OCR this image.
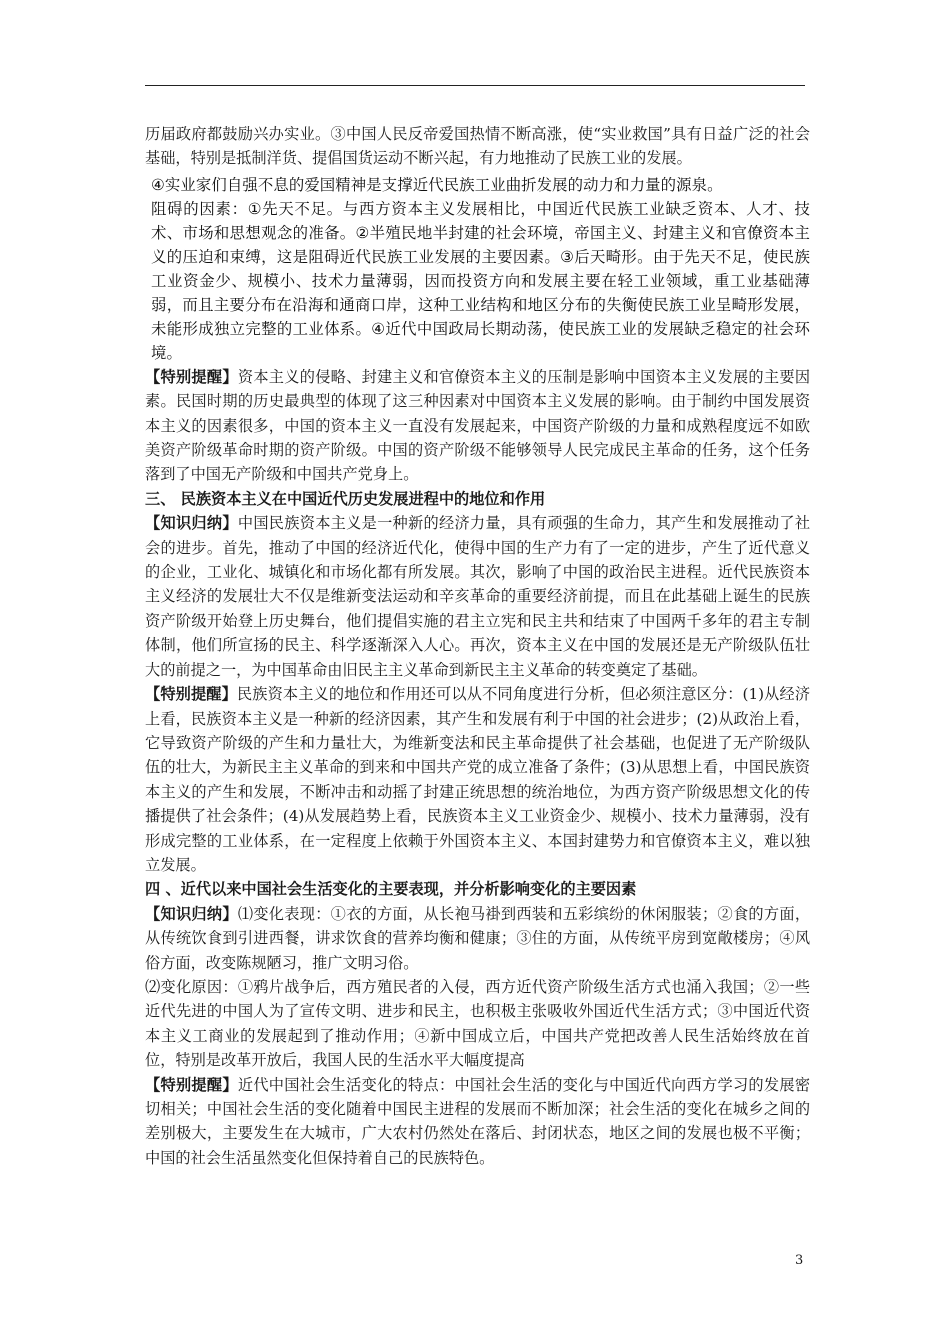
历届政府都鼓励兴办实业。③中国人民反帝爱国热情不断高涨，使“实业救国”具有日益广泛的社会基础，特别是抵制洋货、提倡国货运动不断兴起，有力地推动了民族工业的发展。

④实业家们自强不息的爱国精神是支撑近代民族工业曲折发展的动力和力量的源泉。

阻碍的因素：①先天不足。与西方资本主义发展相比，中国近代民族工业缺乏资本、人才、技术、市场和思想观念的准备。②半殖民地半封建的社会环境，帝国主义、封建主义和官僚资本主义的压迫和束缚，这是阻碍近代民族工业发展的主要因素。③后天畸形。由于先天不足，使民族工业资金少、规模小、技术力量薄弱，因而投资方向和发展主要在轻工业领域，重工业基础薄弱，而且主要分布在沿海和通商口岸，这种工业结构和地区分布的失衡使民族工业呈畸形发展，未能形成独立完整的工业体系。④近代中国政局长期动荡，使民族工业的发展缺乏稳定的社会环境。

【特别提醒】资本主义的侵略、封建主义和官僚资本主义的压制是影响中国资本主义发展的主要因素。民国时期的历史最典型的体现了这三种因素对中国资本主义发展的影响。由于制约中国发展资本主义的因素很多，中国的资本主义一直没有发展起来，中国资产阶级的力量和成熟程度远不如欧美资产阶级革命时期的资产阶级。中国的资产阶级不能够领导人民完成民主革命的任务，这个任务落到了中国无产阶级和中国共产党身上。

三、 民族资本主义在中国近代历史发展进程中的地位和作用

【知识归纳】中国民族资本主义是一种新的经济力量，具有顽强的生命力，其产生和发展推动了社会的进步。首先，推动了中国的经济近代化，使得中国的生产力有了一定的进步，产生了近代意义的企业，工业化、城镇化和市场化都有所发展。其次，影响了中国的政治民主进程。近代民族资本主义经济的发展壮大不仅是维新变法运动和辛亥革命的重要经济前提，而且在此基础上诞生的民族资产阶级开始登上历史舞台，他们提倡实施的君主立宪和民主共和结束了中国两千多年的君主专制体制，他们所宣扬的民主、科学逐渐深入人心。再次，资本主义在中国的发展还是无产阶级队伍壮大的前提之一，为中国革命由旧民主主义革命到新民主主义革命的转变奠定了基础。

【特别提醒】民族资本主义的地位和作用还可以从不同角度进行分析，但必须注意区分：(1)从经济上看，民族资本主义是一种新的经济因素，其产生和发展有利于中国的社会进步；(2)从政治上看，它导致资产阶级的产生和力量壮大，为维新变法和民主革命提供了社会基础，也促进了无产阶级队伍的壮大，为新民主主义革命的到来和中国共产党的成立准备了条件；(3)从思想上看，中国民族资本主义的产生和发展，不断冲击和动摇了封建正统思想的统治地位，为西方资产阶级思想文化的传播提供了社会条件；(4)从发展趋势上看，民族资本主义工业资金少、规模小、技术力量薄弱，没有形成完整的工业体系，在一定程度上依赖于外国资本主义、本国封建势力和官僚资本主义，难以独立发展。

四 、近代以来中国社会生活变化的主要表现，并分析影响变化的主要因素

【知识归纳】⑴变化表现：①衣的方面，从长袍马褂到西装和五彩缤纷的休闲服装；②食的方面，从传统饮食到引进西餐，讲求饮食的营养均衡和健康；③住的方面，从传统平房到宽敞楼房；④风俗方面，改变陈规陋习，推广文明习俗。

⑵变化原因：①鸦片战争后，西方殖民者的入侵，西方近代资产阶级生活方式也涌入我国；②一些近代先进的中国人为了宣传文明、进步和民主，也积极主张吸收外国近代生活方式；③中国近代资本主义工商业的发展起到了推动作用；④新中国成立后，中国共产党把改善人民生活始终放在首位，特别是改革开放后，我国人民的生活水平大幅度提高

【特别提醒】近代中国社会生活变化的特点：中国社会生活的变化与中国近代向西方学习的发展密切相关；中国社会生活的变化随着中国民主进程的发展而不断加深；社会生活的变化在城乡之间的差别极大，主要发生在大城市，广大农村仍然处在落后、封闭状态，地区之间的发展也极不平衡；中国的社会生活虽然变化但保持着自己的民族特色。

3
